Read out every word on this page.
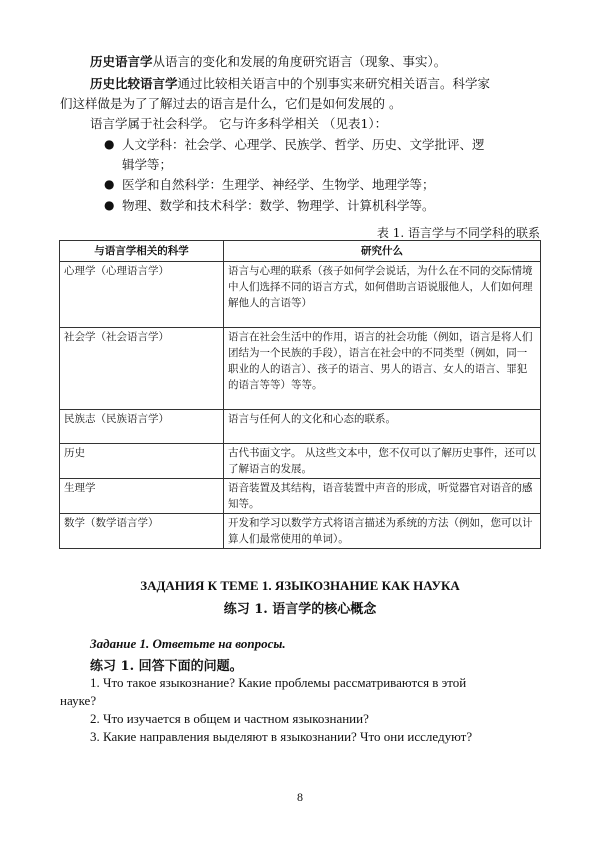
历史语言学从语言的变化和发展的角度研究语言（现象、事实）。
历史比较语言学通过比较相关语言中的个别事实来研究相关语言。科学家
们这样做是为了了解过去的语言是什么，它们是如何发展的 。
语言学属于社会科学。 它与许多科学相关 （见表1）：
● 人文学科：社会学、心理学、民族学、哲学、历史、文学批评、逻
辑学等；
● 医学和自然科学：生理学、神经学、生物学、地理学等；
● 物理、数学和技术科学：数学、物理学、计算机科学等。
表 1. 语言学与不同学科的联系
与语言学相关的科学	研究什么
心理学（心理语言学）	语言与心理的联系（孩子如何学会说话，为什么在不同的交际情境中人们选择不同的语言方式，如何借助言语说服他人，人们如何理解他人的言语等）
社会学（社会语言学）	语言在社会生活中的作用，语言的社会功能（例如，语言是将人们团结为一个民族的手段），语言在社会中的不同类型（例如，同一职业的人的语言）、孩子的语言、男人的语言、女人的语言、罪犯的语言等等）等等。
民族志（民族语言学）	语言与任何人的文化和心态的联系。
历史	古代书面文字。 从这些文本中，您不仅可以了解历史事件，还可以了解语言的发展。
生理学	语音装置及其结构，语音装置中声音的形成，听觉器官对语音的感知等。
数学（数学语言学）	开发和学习以数学方式将语言描述为系统的方法（例如，您可以计算人们最常使用的单词）。
ЗАДАНИЯ К ТЕМЕ 1. ЯЗЫКОЗНАНИЕ КАК НАУКА
练习 1. 语言学的核心概念
Задание 1. Ответьте на вопросы.
练习 1. 回答下面的问题。
1. Что такое языкознание? Какие проблемы рассматриваются в этой
науке?
2. Что изучается в общем и частном языкознании?
3. Какие направления выделяют в языкознании? Что они исследуют?
8
